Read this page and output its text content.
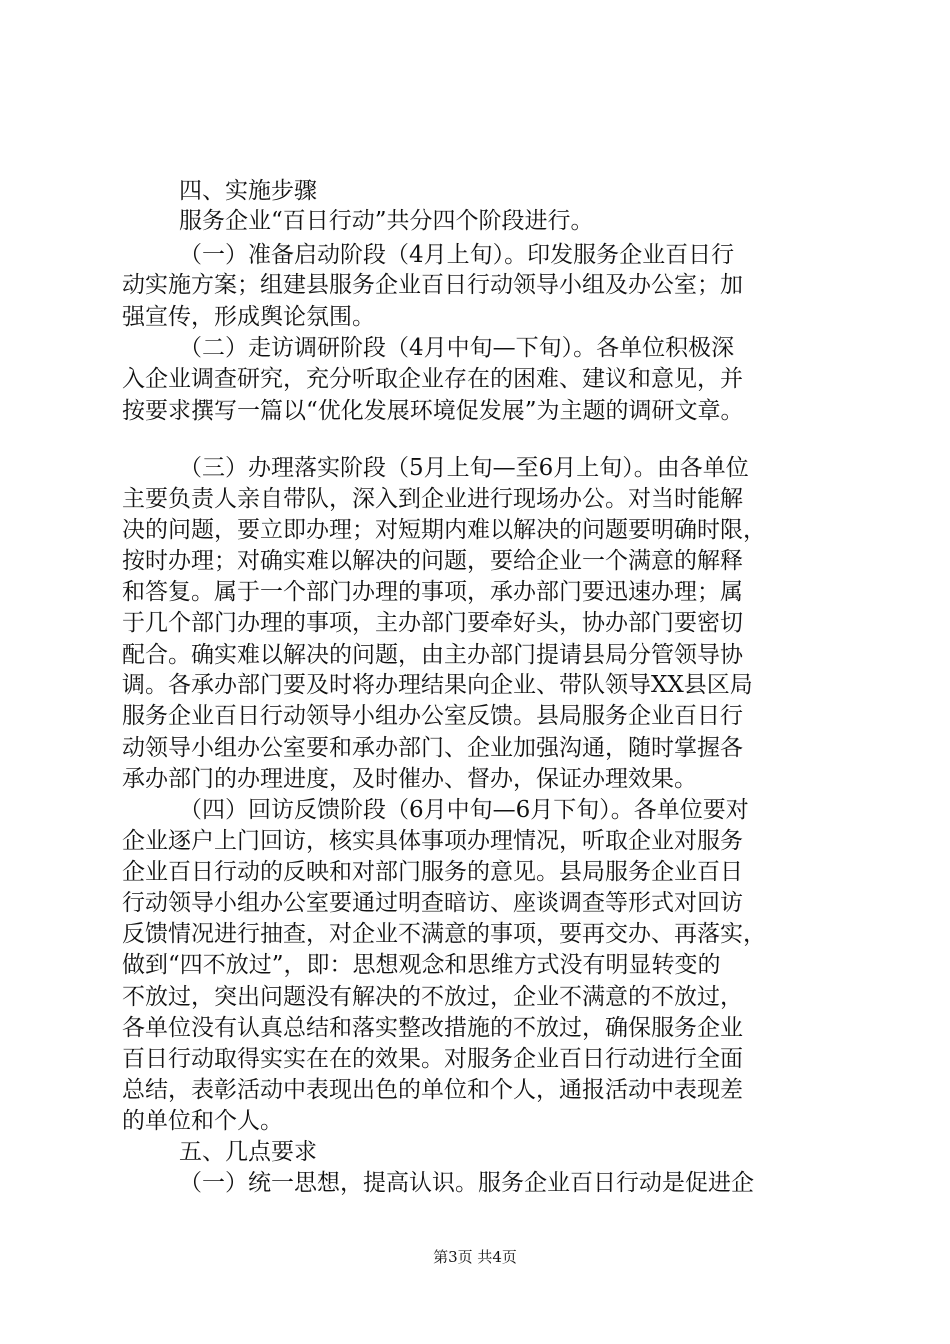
四、实施步骤
服务企业“百日行动”共分四个阶段进行。
（一）准备启动阶段（4月上旬）。印发服务企业百日行
动实施方案；组建县服务企业百日行动领导小组及办公室；加
强宣传，形成舆论氛围。
（二）走访调研阶段（4月中旬—下旬）。各单位积极深
入企业调查研究，充分听取企业存在的困难、建议和意见，并
按要求撰写一篇以“优化发展环境促发展”为主题的调研文章。
（三）办理落实阶段（5月上旬—至6月上旬）。由各单位
主要负责人亲自带队，深入到企业进行现场办公。对当时能解
决的问题，要立即办理；对短期内难以解决的问题要明确时限，
按时办理；对确实难以解决的问题，要给企业一个满意的解释
和答复。属于一个部门办理的事项，承办部门要迅速办理；属
于几个部门办理的事项，主办部门要牵好头，协办部门要密切
配合。确实难以解决的问题，由主办部门提请县局分管领导协
调。各承办部门要及时将办理结果向企业、带队领导XX县区局
服务企业百日行动领导小组办公室反馈。县局服务企业百日行
动领导小组办公室要和承办部门、企业加强沟通，随时掌握各
承办部门的办理进度，及时催办、督办，保证办理效果。
（四）回访反馈阶段（6月中旬—6月下旬）。各单位要对
企业逐户上门回访，核实具体事项办理情况，听取企业对服务
企业百日行动的反映和对部门服务的意见。县局服务企业百日
行动领导小组办公室要通过明查暗访、座谈调查等形式对回访
反馈情况进行抽查，对企业不满意的事项，要再交办、再落实，
做到“四不放过”，即：思想观念和思维方式没有明显转变的
不放过，突出问题没有解决的不放过，企业不满意的不放过，
各单位没有认真总结和落实整改措施的不放过，确保服务企业
百日行动取得实实在在的效果。对服务企业百日行动进行全面
总结，表彰活动中表现出色的单位和个人，通报活动中表现差
的单位和个人。
五、几点要求
（一）统一思想，提高认识。服务企业百日行动是促进企
第3页 共4页
